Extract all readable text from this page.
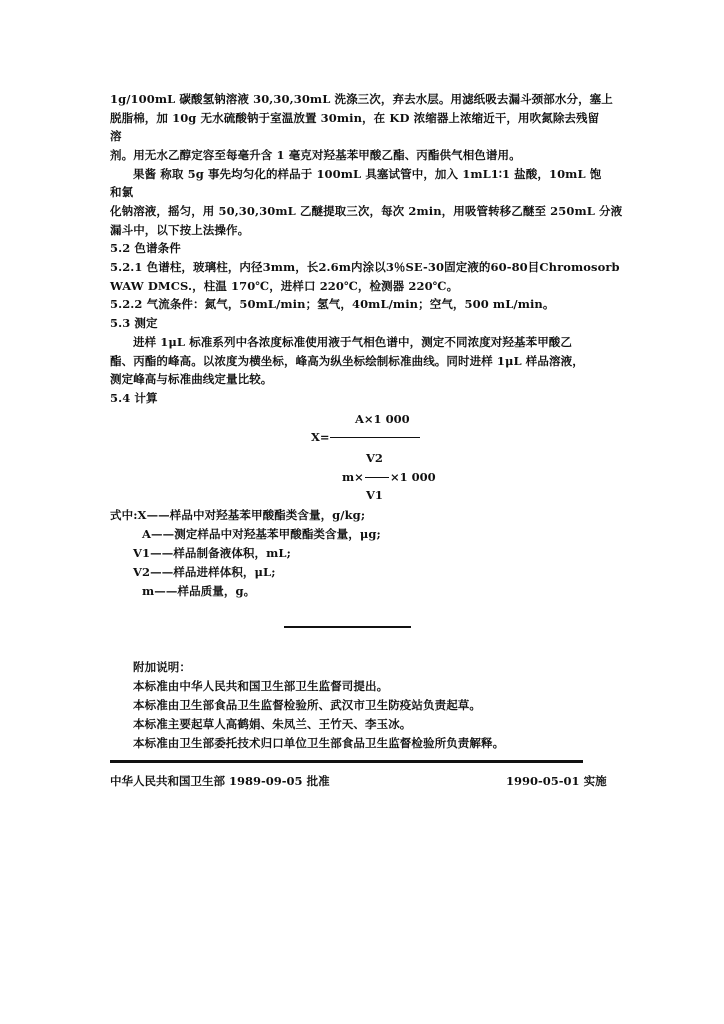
1g/100mL 碳酸氢钠溶液 30,30,30mL 洗涤三次，弃去水层。用滤纸吸去漏斗颈部水分，塞上
脱脂棉，加 10g 无水硫酸钠于室温放置 30min，在 KD 浓缩器上浓缩近干，用吹氮除去残留
溶
剂。用无水乙醇定容至每毫升含 1 毫克对羟基苯甲酸乙酯、丙酯供气相色谱用。
果酱 称取 5g 事先均匀化的样品于 100mL 具塞试管中，加入 1mL1∶1 盐酸，10mL 饱
和氯
化钠溶液，摇匀，用 50,30,30mL 乙醚提取三次，每次 2min，用吸管转移乙醚至 250mL 分液
漏斗中，以下按上法操作。
5.2 色谱条件
5.2.1 色谱柱，玻璃柱，内径3mm，长2.6m内涂以3％SE-30固定液的60-80目Chromosorb
WAW DMCS.，柱温 170℃，进样口 220℃，检测器 220℃。
5.2.2 气流条件：氮气，50mL/min；氢气，40mL/min；空气，500 mL/min。
5.3 测定
进样 1μL 标准系列中各浓度标准使用液于气相色谱中，测定不同浓度对羟基苯甲酸乙
酯、丙酯的峰高。以浓度为横坐标，峰高为纵坐标绘制标准曲线。同时进样 1μL 样品溶液，
测定峰高与标准曲线定量比较。
5.4 计算
A×1 000
X=
V2
m× ×1 000
V1
式中:X——样品中对羟基苯甲酸酯类含量，g/kg;
A——测定样品中对羟基苯甲酸酯类含量，μg;
V1——样品制备液体积，mL;
V2——样品进样体积，μL;
m——样品质量，g。
附加说明：
本标准由中华人民共和国卫生部卫生监督司提出。
本标准由卫生部食品卫生监督检验所、武汉市卫生防疫站负责起草。
本标准主要起草人高鹤娟、朱凤兰、王竹天、李玉冰。
本标准由卫生部委托技术归口单位卫生部食品卫生监督检验所负责解释。
中华人民共和国卫生部 1989-09-05 批准	1990-05-01 实施
